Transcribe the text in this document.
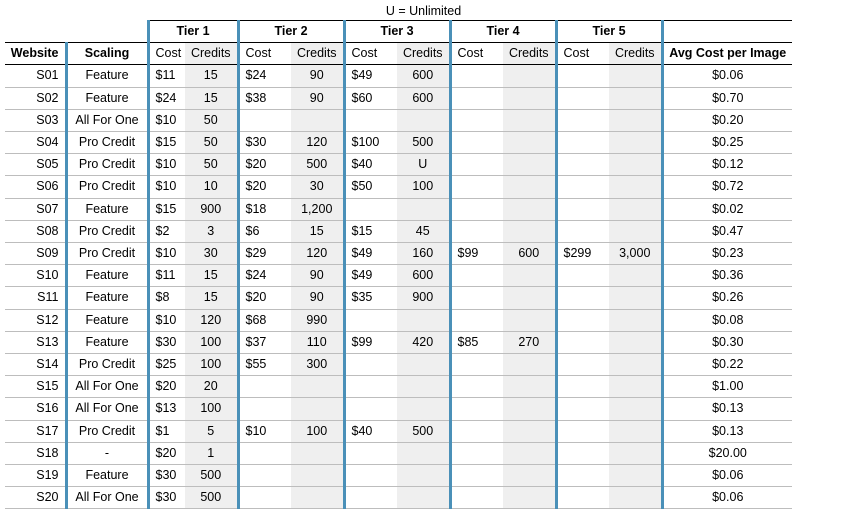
U = Unlimited
		Tier 1		Tier 2		Tier 3		Tier 4		Tier 5		
Website	Scaling	Cost	Credits	Cost	Credits	Cost	Credits	Cost	Credits	Cost	Credits	Avg Cost per Image
S01	Feature	$11	15	$24	90	$49	600					$0.06
S02	Feature	$24	15	$38	90	$60	600					$0.70
S03	All For One	$10	50									$0.20
S04	Pro Credit	$15	50	$30	120	$100	500					$0.25
S05	Pro Credit	$10	50	$20	500	$40	U					$0.12
S06	Pro Credit	$10	10	$20	30	$50	100					$0.72
S07	Feature	$15	900	$18	1,200							$0.02
S08	Pro Credit	$2	3	$6	15	$15	45					$0.47
S09	Pro Credit	$10	30	$29	120	$49	160	$99	600	$299	3,000	$0.23
S10	Feature	$11	15	$24	90	$49	600					$0.36
S11	Feature	$8	15	$20	90	$35	900					$0.26
S12	Feature	$10	120	$68	990							$0.08
S13	Feature	$30	100	$37	110	$99	420	$85	270			$0.30
S14	Pro Credit	$25	100	$55	300							$0.22
S15	All For One	$20	20									$1.00
S16	All For One	$13	100									$0.13
S17	Pro Credit	$1	5	$10	100	$40	500					$0.13
S18	-	$20	1									$20.00
S19	Feature	$30	500									$0.06
S20	All For One	$30	500									$0.06
